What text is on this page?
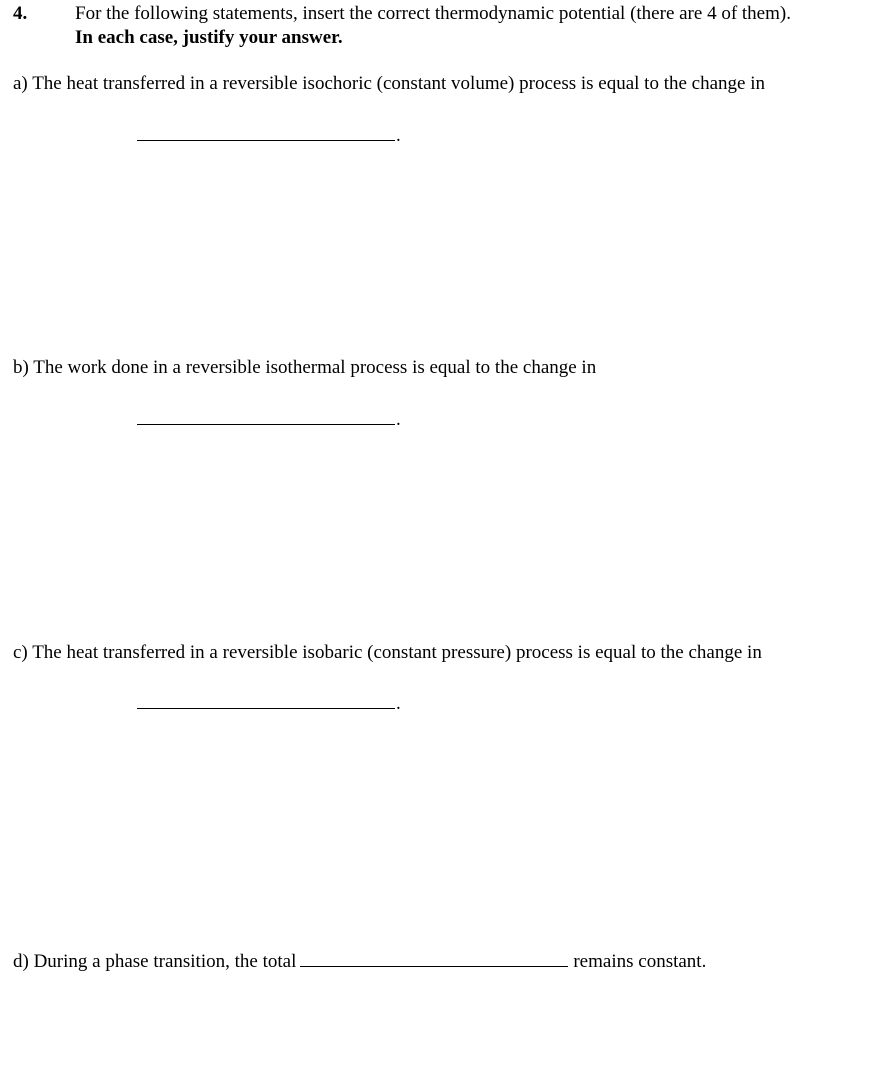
4.	For the following statements, insert the correct thermodynamic potential (there are 4 of them).
In each case, justify your answer.
a) The heat transferred in a reversible isochoric (constant volume) process is equal to the change in
.
b) The work done in a reversible isothermal process is equal to the change in
.
c) The heat transferred in a reversible isobaric (constant pressure) process is equal to the change in
.
d) During a phase transition, the total	remains constant.
